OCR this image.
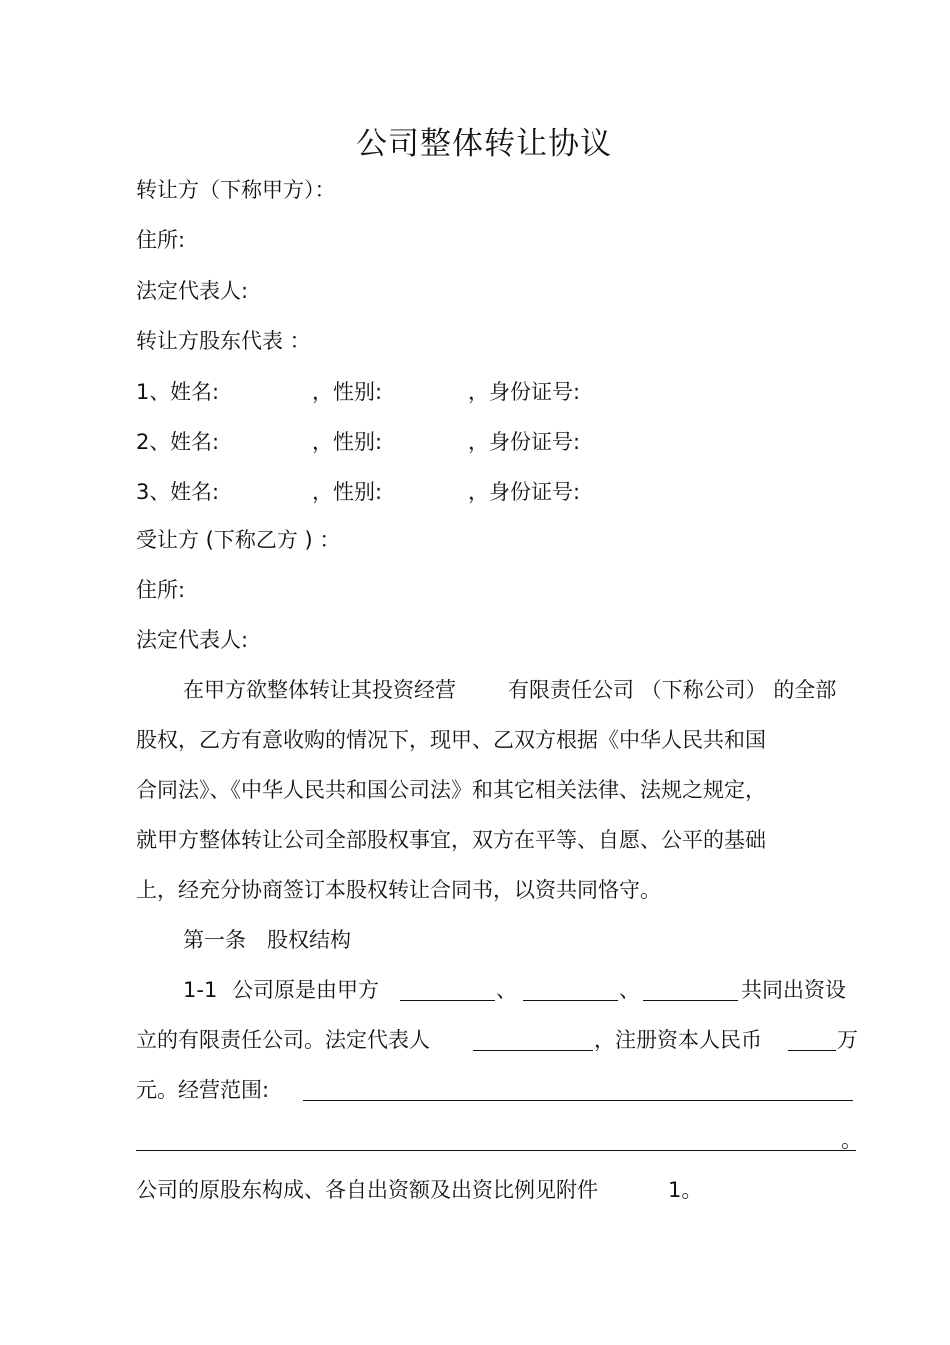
公司整体转让协议
转让方（下称甲方）：
住所:
法定代表人:
转让方股东代表 ：
1、 姓名:	，性别:	，身份证号:
2、 姓名:	，性别:	，身份证号:
3、 姓名:	，性别:	，身份证号:
受让方 (下称乙方 ) ：
住所:
法定代表人:
在甲方欲整体转让其投资经营 有限责任公司 （下称公司） 的全部
股权，乙方有意收购的情况下，现甲、乙双方根据《中华人民共和国
合同法》、《中华人民共和国公司法》和其它相关法律、法规之规定，
就甲方整体转让公司全部股权事宜，双方在平等、自愿、公平的基础
上，经充分协商签订本股权转让合同书，以资共同恪守。
第一条　股权结构
1-1 公司原是由甲方	、	、	共同出资设
立的有限责任公司。法定代表人	，注册资本人民币	万
元。经营范围:
。
公司的原股东构成、各自出资额及出资比例见附件	1。
